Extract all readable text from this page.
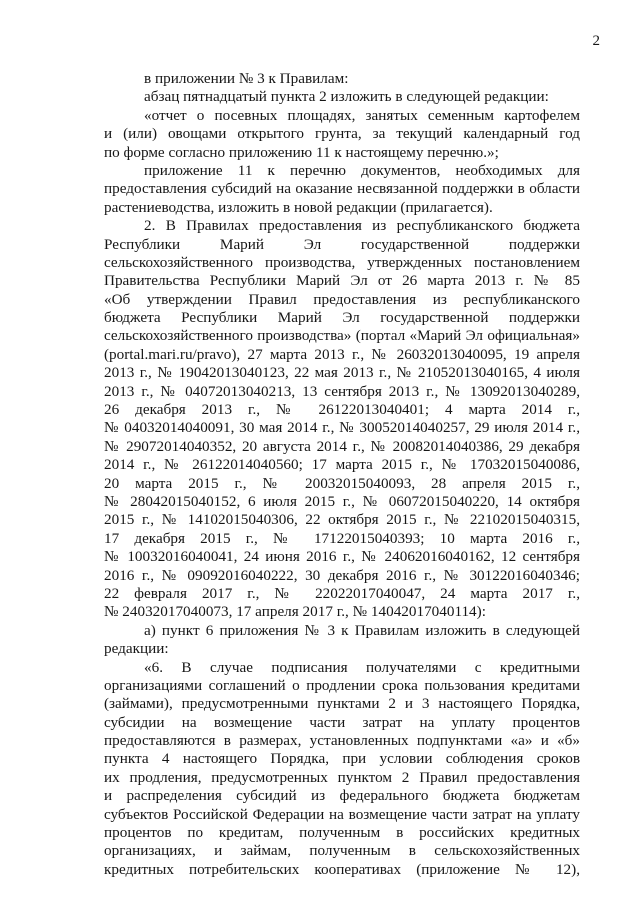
2
в приложении № 3 к Правилам:
абзац пятнадцатый пункта 2 изложить в следующей редакции:
«отчет о посевных площадях, занятых семенным картофелем
и (или) овощами открытого грунта, за текущий календарный год
по форме согласно приложению 11 к настоящему перечню.»;
приложение 11 к перечню документов, необходимых для
предоставления субсидий на оказание несвязанной поддержки в области
растениеводства, изложить в новой редакции (прилагается).
2. В Правилах предоставления из республиканского бюджета
Республики Марий Эл государственной поддержки
сельскохозяйственного производства, утвержденных постановлением
Правительства Республики Марий Эл от 26 марта 2013 г. № 85
«Об утверждении Правил предоставления из республиканского
бюджета Республики Марий Эл государственной поддержки
сельскохозяйственного производства» (портал «Марий Эл официальная»
(portal.mari.ru/pravo), 27 марта 2013 г., № 26032013040095, 19 апреля
2013 г., № 19042013040123, 22 мая 2013 г., № 21052013040165, 4 июля
2013 г., № 04072013040213, 13 сентября 2013 г., № 13092013040289,
26 декабря 2013 г., № 26122013040401; 4 марта 2014 г.,
№ 04032014040091, 30 мая 2014 г., № 30052014040257, 29 июля 2014 г.,
№ 29072014040352, 20 августа 2014 г., № 20082014040386, 29 декабря
2014 г., № 26122014040560; 17 марта 2015 г., № 17032015040086,
20 марта 2015 г., № 20032015040093, 28 апреля 2015 г.,
№ 28042015040152, 6 июля 2015 г., № 06072015040220, 14 октября
2015 г., № 14102015040306, 22 октября 2015 г., № 22102015040315,
17 декабря 2015 г., № 17122015040393; 10 марта 2016 г.,
№ 10032016040041, 24 июня 2016 г., № 24062016040162, 12 сентября
2016 г., № 09092016040222, 30 декабря 2016 г., № 30122016040346;
22 февраля 2017 г., № 22022017040047, 24 марта 2017 г.,
№ 24032017040073, 17 апреля 2017 г., № 14042017040114):
а) пункт 6 приложения № 3 к Правилам изложить в следующей
редакции:
«6. В случае подписания получателями с кредитными
организациями соглашений о продлении срока пользования кредитами
(займами), предусмотренными пунктами 2 и 3 настоящего Порядка,
субсидии на возмещение части затрат на уплату процентов
предоставляются в размерах, установленных подпунктами «а» и «б»
пункта 4 настоящего Порядка, при условии соблюдения сроков
их продления, предусмотренных пунктом 2 Правил предоставления
и распределения субсидий из федерального бюджета бюджетам
субъектов Российской Федерации на возмещение части затрат на уплату
процентов по кредитам, полученным в российских кредитных
организациях, и займам, полученным в сельскохозяйственных
кредитных потребительских кооперативах (приложение № 12),
